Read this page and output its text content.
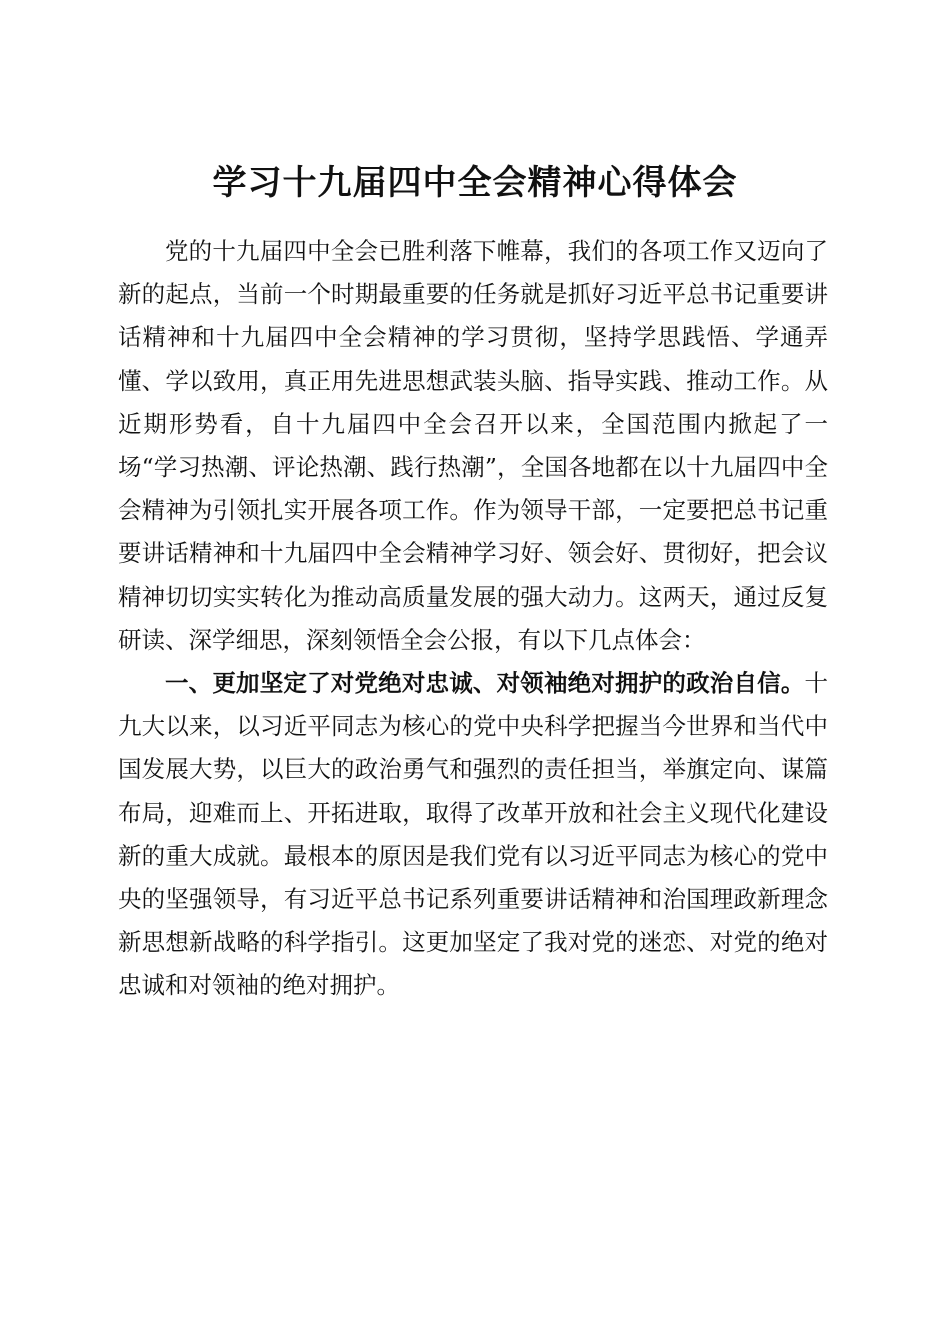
学习十九届四中全会精神心得体会

党的十九届四中全会已胜利落下帷幕，我们的各项工作又迈向了新的起点，当前一个时期最重要的任务就是抓好习近平总书记重要讲话精神和十九届四中全会精神的学习贯彻，坚持学思践悟、学通弄懂、学以致用，真正用先进思想武装头脑、指导实践、推动工作。从近期形势看，自十九届四中全会召开以来，全国范围内掀起了一场“学习热潮、评论热潮、践行热潮”，全国各地都在以十九届四中全会精神为引领扎实开展各项工作。作为领导干部，一定要把总书记重要讲话精神和十九届四中全会精神学习好、领会好、贯彻好，把会议精神切切实实转化为推动高质量发展的强大动力。这两天，通过反复研读、深学细思，深刻领悟全会公报，有以下几点体会：

一、更加坚定了对党绝对忠诚、对领袖绝对拥护的政治自信。十九大以来，以习近平同志为核心的党中央科学把握当今世界和当代中国发展大势，以巨大的政治勇气和强烈的责任担当，举旗定向、谋篇布局，迎难而上、开拓进取，取得了改革开放和社会主义现代化建设新的重大成就。最根本的原因是我们党有以习近平同志为核心的党中央的坚强领导，有习近平总书记系列重要讲话精神和治国理政新理念新思想新战略的科学指引。这更加坚定了我对党的迷恋、对党的绝对忠诚和对领袖的绝对拥护。
